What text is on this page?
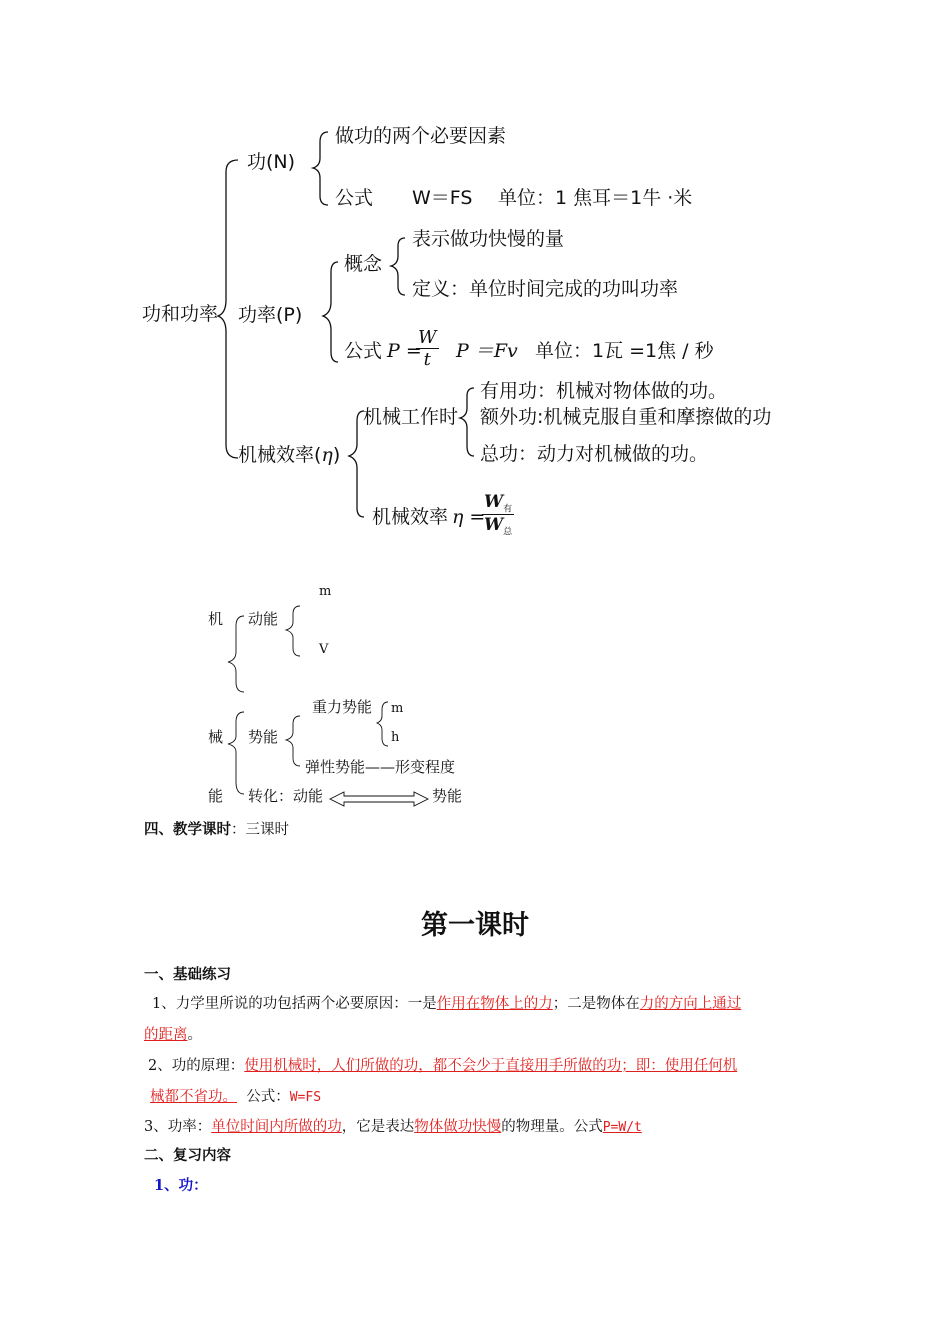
功和功率
功(N)
做功的两个必要因素
公式 W＝FS 单位：1 焦耳＝1牛 ·米
功率(P)
概念
表示做功快慢的量
定义：单位时间完成的功叫功率
公式 P =
$\frac{W}{t}$ P ＝Fv 单位：1瓦 =1焦 / 秒
机械效率(η)
机械工作时
有用功：机械对物体做的功。
额外功:机械克服自重和摩擦做的功
总功：动力对机械做的功。
机械效率 η =
$W_有$
$W_总$
机
械
能
动能
m
V
势能
重力势能 m
h
弹性势能——形变程度
转化：动能	势能
四、教学课时：三课时
第一课时
一、基础练习
1、力学里所说的功包括两个必要原因：一是作用在物体上的力；二是物体在力的方向上通过
的距离。
2、功的原理：使用机械时，人们所做的功，都不会少于直接用手所做的功；即：使用任何机
械都不省功。  公式：W=FS
3、功率：单位时间内所做的功，它是表达物体做功快慢的物理量。公式P=W/t
二、复习内容
1、功：
